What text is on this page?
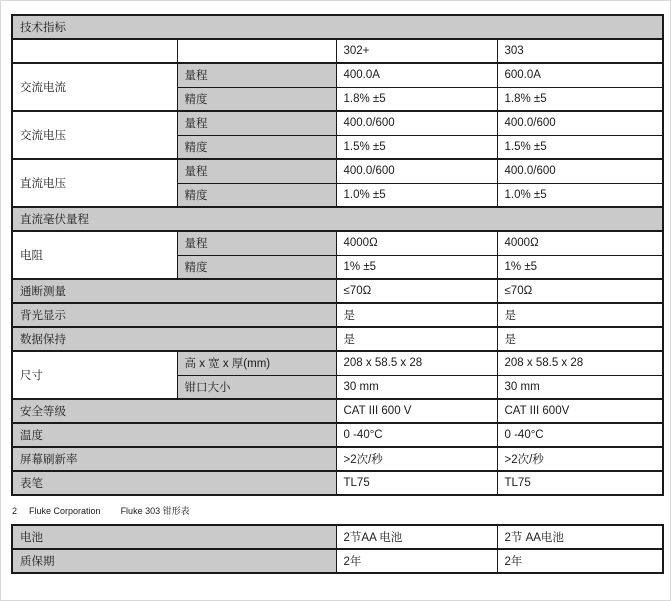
技术指标			
		302+	303
交流电流	量程	400.0A	600.0A
	精度	1.8% ±5	1.8% ±5
交流电压	量程	400.0/600	400.0/600
	精度	1.5% ±5	1.5% ±5
直流电压	量程	400.0/600	400.0/600
	精度	1.0% ±5	1.0% ±5
直流毫伏量程			
电阻	量程	4000Ω	4000Ω
	精度	1% ±5	1% ±5
通断测量		≤70Ω	≤70Ω
背光显示		是	是
数据保持		是	是
尺寸	高 x 宽 x 厚(mm)	208 x 58.5 x 28	208 x 58.5 x 28
	钳口大小	30 mm	30 mm
安全等级		CAT III 600 V	CAT III 600V
温度		0 -40°C	0 -40°C
屏幕刷新率		>2次/秒	>2次/秒
表笔		TL75	TL75
2 Fluke Corporation Fluke 303 钳形表
电池	2节AA 电池	2节 AA电池
质保期	2年	2年
